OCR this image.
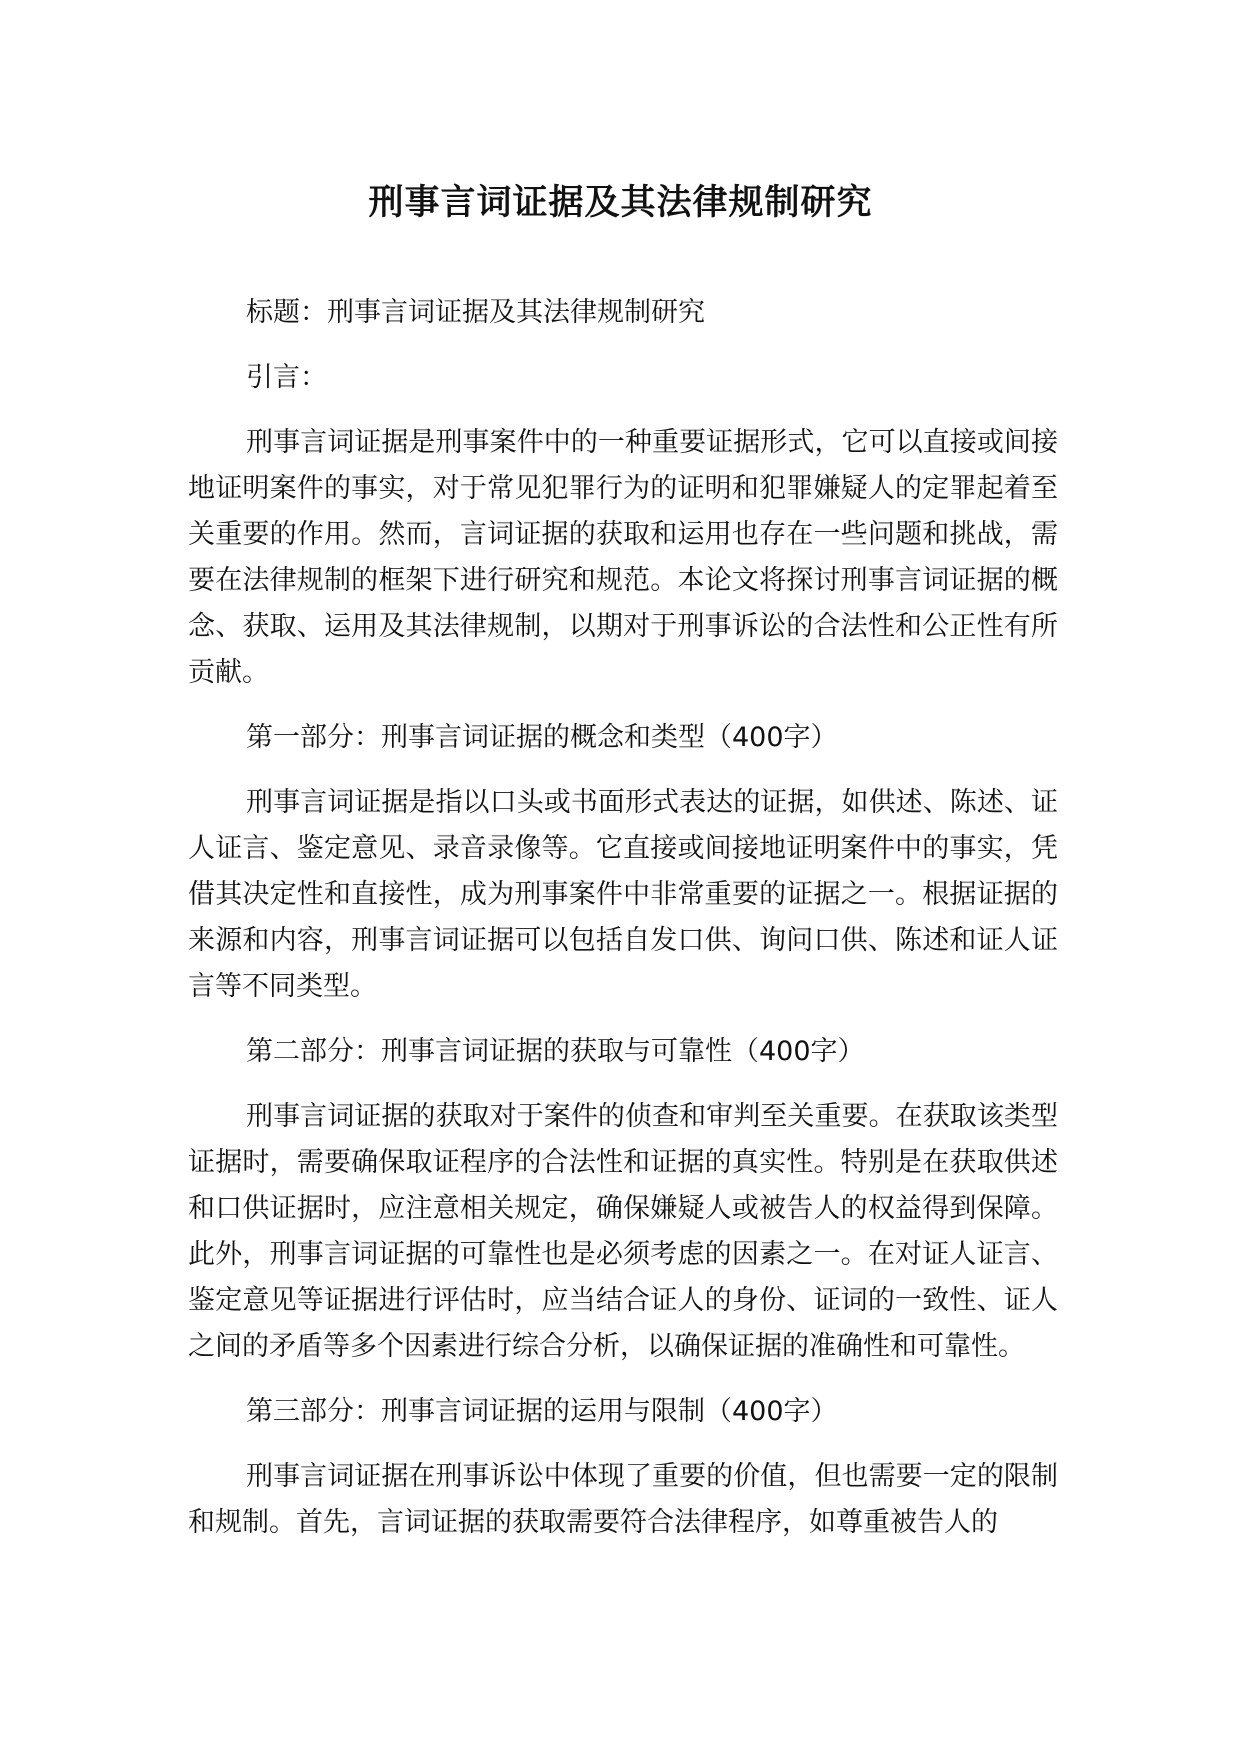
刑事言词证据及其法律规制研究

标题：刑事言词证据及其法律规制研究

引言：

刑事言词证据是刑事案件中的一种重要证据形式，它可以直接或间接地证明案件的事实，对于常见犯罪行为的证明和犯罪嫌疑人的定罪起着至关重要的作用。然而，言词证据的获取和运用也存在一些问题和挑战，需要在法律规制的框架下进行研究和规范。本论文将探讨刑事言词证据的概念、获取、运用及其法律规制，以期对于刑事诉讼的合法性和公正性有所贡献。

第一部分：刑事言词证据的概念和类型（400字）

刑事言词证据是指以口头或书面形式表达的证据，如供述、陈述、证人证言、鉴定意见、录音录像等。它直接或间接地证明案件中的事实，凭借其决定性和直接性，成为刑事案件中非常重要的证据之一。根据证据的来源和内容，刑事言词证据可以包括自发口供、询问口供、陈述和证人证言等不同类型。

第二部分：刑事言词证据的获取与可靠性（400字）

刑事言词证据的获取对于案件的侦查和审判至关重要。在获取该类型证据时，需要确保取证程序的合法性和证据的真实性。特别是在获取供述和口供证据时，应注意相关规定，确保嫌疑人或被告人的权益得到保障。此外，刑事言词证据的可靠性也是必须考虑的因素之一。在对证人证言、鉴定意见等证据进行评估时，应当结合证人的身份、证词的一致性、证人之间的矛盾等多个因素进行综合分析，以确保证据的准确性和可靠性。

第三部分：刑事言词证据的运用与限制（400字）

刑事言词证据在刑事诉讼中体现了重要的价值，但也需要一定的限制和规制。首先，言词证据的获取需要符合法律程序，如尊重被告人的
